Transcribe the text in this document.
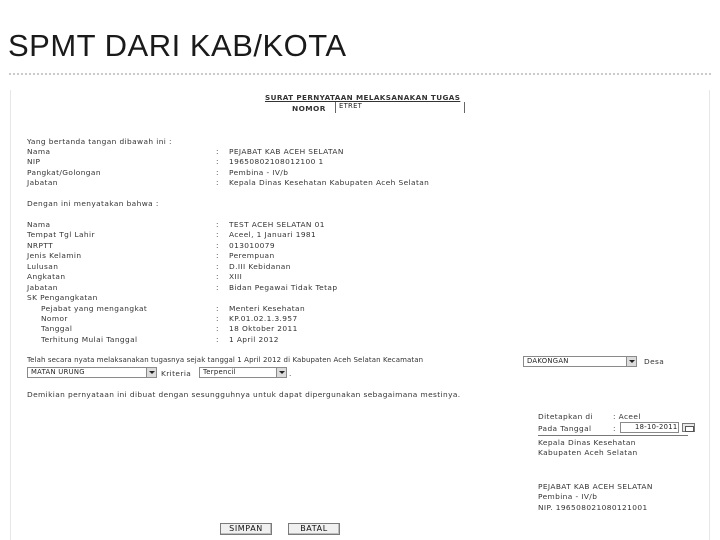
SPMT DARI KAB/KOTA
SURAT PERNYATAAN MELAKSANAKAN TUGAS
NOMOR	ETRET
Yang bertanda tangan dibawah ini :
Nama	: PEJABAT KAB ACEH SELATAN
NIP	: 19650802108012100 1
Pangkat/Golongan	: Pembina - IV/b
Jabatan	: Kepala Dinas Kesehatan Kabupaten Aceh Selatan
Dengan ini menyatakan bahwa :
Nama	: TEST ACEH SELATAN 01
Tempat Tgl Lahir	: Aceel, 1 Januari 1981
NRPTT	: 013010079
Jenis Kelamin	: Perempuan
Lulusan	: D.III Kebidanan
Angkatan	: XIII
Jabatan	: Bidan Pegawai Tidak Tetap
SK Pengangkatan
Pejabat yang mengangkat	: Menteri Kesehatan
Nomor	: KP.01.02.1.3.957
Tanggal	: 18 Oktober 2011
Terhitung Mulai Tanggal	: 1 April 2012
Telah secara nyata melaksanakan tugasnya sejak tanggal 1 April 2012 di Kabupaten Aceh Selatan Kecamatan	DAKONGAN	Desa
MATAN URUNG	Kriteria	Terpencil	.
Demikian pernyataan ini dibuat dengan sesungguhnya untuk dapat dipergunakan sebagaimana mestinya.
Ditetapkan di	: Aceel
Pada Tanggal	:	18-10-2011
Kepala Dinas Kesehatan
Kabupaten Aceh Selatan
PEJABAT KAB ACEH SELATAN
Pembina - IV/b
NIP. 196508021080121001
SIMPAN	BATAL
